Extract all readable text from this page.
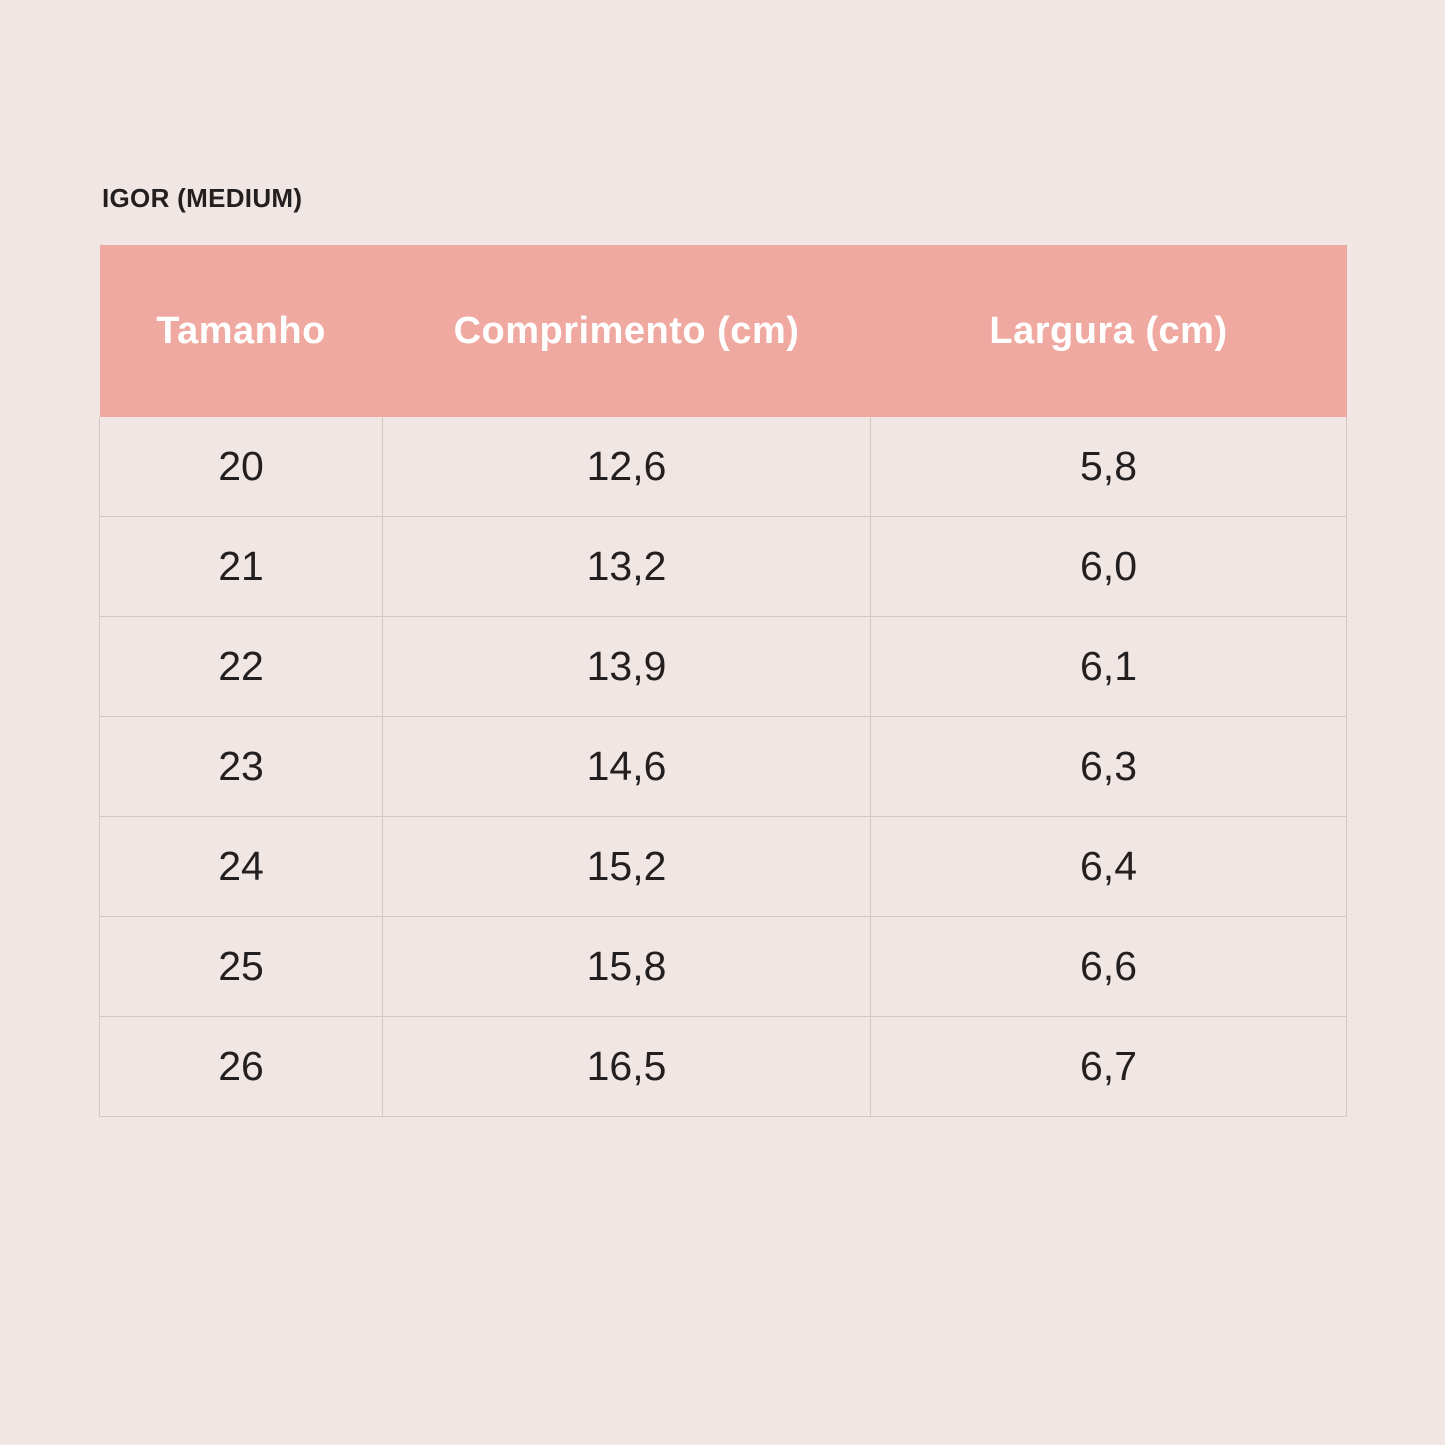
IGOR (MEDIUM)
Tamanho	Comprimento (cm)	Largura (cm)
20	12,6	5,8
21	13,2	6,0
22	13,9	6,1
23	14,6	6,3
24	15,2	6,4
25	15,8	6,6
26	16,5	6,7
